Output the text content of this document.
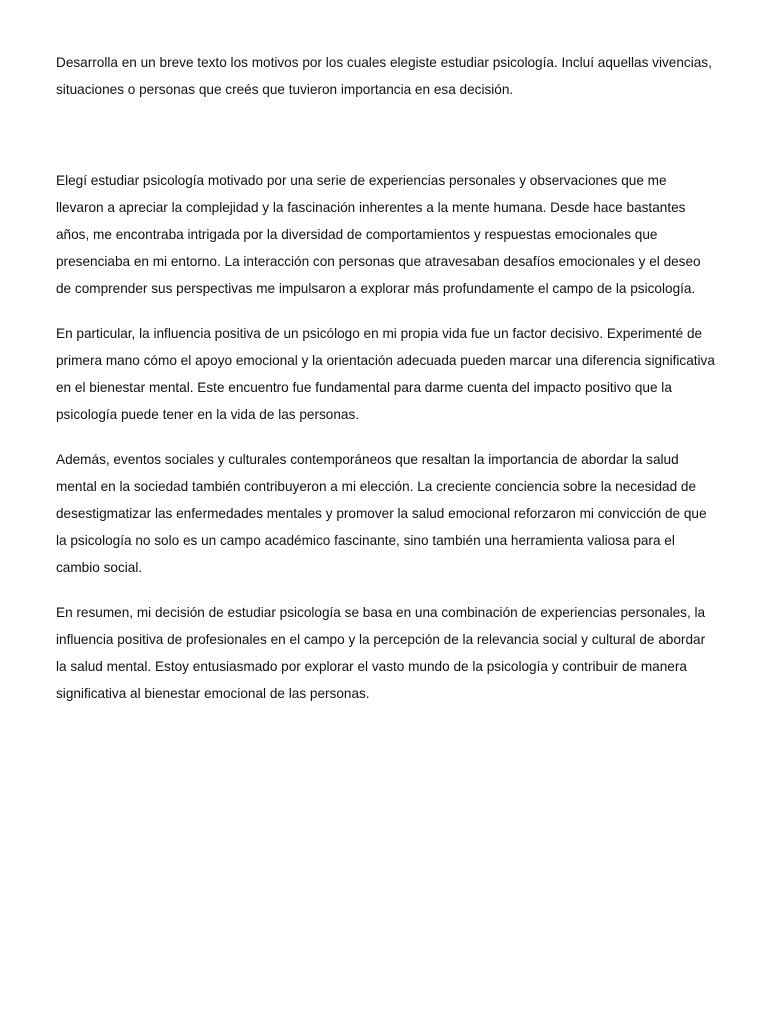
Desarrolla en un breve texto los motivos por los cuales elegiste estudiar psicología. Incluí aquellas vivencias, situaciones o personas que creés que tuvieron importancia en esa decisión.

Elegí estudiar psicología motivado por una serie de experiencias personales y observaciones que me llevaron a apreciar la complejidad y la fascinación inherentes a la mente humana. Desde hace bastantes años, me encontraba intrigada por la diversidad de comportamientos y respuestas emocionales que presenciaba en mi entorno. La interacción con personas que atravesaban desafíos emocionales y el deseo de comprender sus perspectivas me impulsaron a explorar más profundamente el campo de la psicología.

En particular, la influencia positiva de un psicólogo en mi propia vida fue un factor decisivo. Experimenté de primera mano cómo el apoyo emocional y la orientación adecuada pueden marcar una diferencia significativa en el bienestar mental. Este encuentro fue fundamental para darme cuenta del impacto positivo que la psicología puede tener en la vida de las personas.

Además, eventos sociales y culturales contemporáneos que resaltan la importancia de abordar la salud mental en la sociedad también contribuyeron a mi elección. La creciente conciencia sobre la necesidad de desestigmatizar las enfermedades mentales y promover la salud emocional reforzaron mi convicción de que la psicología no solo es un campo académico fascinante, sino también una herramienta valiosa para el cambio social.

En resumen, mi decisión de estudiar psicología se basa en una combinación de experiencias personales, la influencia positiva de profesionales en el campo y la percepción de la relevancia social y cultural de abordar la salud mental. Estoy entusiasmado por explorar el vasto mundo de la psicología y contribuir de manera significativa al bienestar emocional de las personas.
